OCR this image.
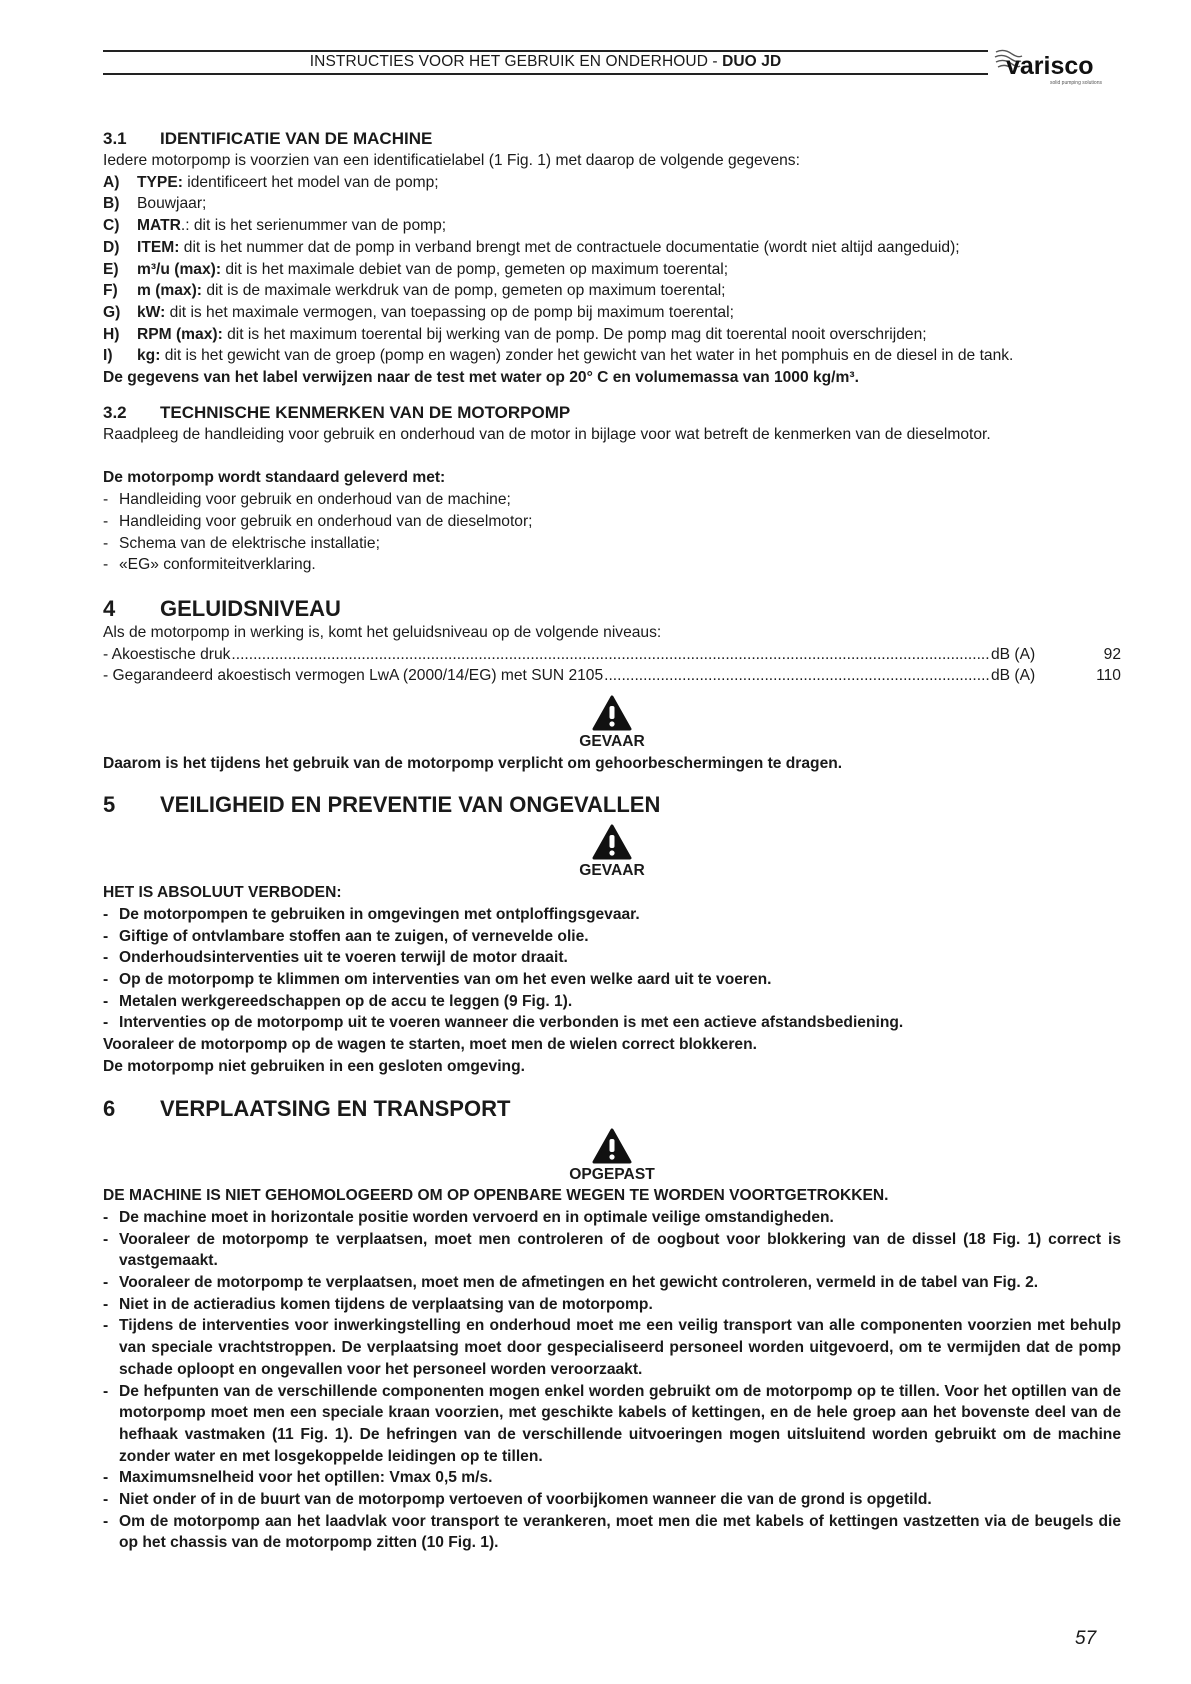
INSTRUCTIES VOOR HET GEBRUIK EN ONDERHOUD - DUO JD	varisco
solid pumping solutions
3.1 IDENTIFICATIE VAN DE MACHINE

Iedere motorpomp is voorzien van een identificatielabel (1 Fig. 1) met daarop de volgende gegevens:

A)	TYPE: identificeert het model van de pomp;
B)	Bouwjaar;
C)	MATR.: dit is het serienummer van de pomp;
D)	ITEM: dit is het nummer dat de pomp in verband brengt met de contractuele documentatie (wordt niet altijd aangeduid);
E)	m³/u (max): dit is het maximale debiet van de pomp, gemeten op maximum toerental;
F)	m (max): dit is de maximale werkdruk van de pomp, gemeten op maximum toerental;
G)	kW: dit is het maximale vermogen, van toepassing op de pomp bij maximum toerental;
H)	RPM (max): dit is het maximum toerental bij werking van de pomp. De pomp mag dit toerental nooit overschrijden;
I)	kg: dit is het gewicht van de groep (pomp en wagen) zonder het gewicht van het water in het pomphuis en de diesel in de tank.

De gegevens van het label verwijzen naar de test met water op 20° C en volumemassa van 1000 kg/m³.

3.2 TECHNISCHE KENMERKEN VAN DE MOTORPOMP

Raadpleeg de handleiding voor gebruik en onderhoud van de motor in bijlage voor wat betreft de kenmerken van de dieselmotor.

De motorpomp wordt standaard geleverd met:

- Handleiding voor gebruik en onderhoud van de machine;
- Handleiding voor gebruik en onderhoud van de dieselmotor;
- Schema van de elektrische installatie;
- «EG» conformiteitverklaring.
4 GELUIDSNIVEAU

Als de motorpomp in werking is, komt het geluidsniveau op de volgende niveaus:

- Akoestische druk .....	dB (A)	92
- Gegarandeerd akoestisch vermogen LwA (2000/14/EG) met SUN 2105 .....	dB (A)	110
GEVAAR

Daarom is het tijdens het gebruik van de motorpomp verplicht om gehoorbeschermingen te dragen.

5 VEILIGHEID EN PREVENTIE VAN ONGEVALLEN
GEVAAR

HET IS ABSOLUUT VERBODEN:

- De motorpompen te gebruiken in omgevingen met ontploffingsgevaar.
- Giftige of ontvlambare stoffen aan te zuigen, of vernevelde olie.
- Onderhoudsinterventies uit te voeren terwijl de motor draait.
- Op de motorpomp te klimmen om interventies van om het even welke aard uit te voeren.
- Metalen werkgereedschappen op de accu te leggen (9 Fig. 1).
- Interventies op de motorpomp uit te voeren wanneer die verbonden is met een actieve afstandsbediening.

Vooraleer de motorpomp op de wagen te starten, moet men de wielen correct blokkeren.

De motorpomp niet gebruiken in een gesloten omgeving.

6 VERPLAATSING EN TRANSPORT
OPGEPAST

DE MACHINE IS NIET GEHOMOLOGEERD OM OP OPENBARE WEGEN TE WORDEN VOORTGETROKKEN.

- De machine moet in horizontale positie worden vervoerd en in optimale veilige omstandigheden.
- Vooraleer de motorpomp te verplaatsen, moet men controleren of de oogbout voor blokkering van de dissel (18 Fig. 1) correct is vastgemaakt.
- Vooraleer de motorpomp te verplaatsen, moet men de afmetingen en het gewicht controleren, vermeld in de tabel van Fig. 2.
- Niet in de actieradius komen tijdens de verplaatsing van de motorpomp.
- Tijdens de interventies voor inwerkingstelling en onderhoud moet me een veilig transport van alle componenten voorzien met behulp van speciale vrachtstroppen. De verplaatsing moet door gespecialiseerd personeel worden uitgevoerd, om te vermijden dat de pomp schade oploopt en ongevallen voor het personeel worden veroorzaakt.
- De hefpunten van de verschillende componenten mogen enkel worden gebruikt om de motorpomp op te tillen. Voor het optillen van de motorpomp moet men een speciale kraan voorzien, met geschikte kabels of kettingen, en de hele groep aan het bovenste deel van de hefhaak vastmaken (11 Fig. 1). De hefringen van de verschillende uitvoeringen mogen uitsluitend worden gebruikt om de machine zonder water en met losgekoppelde leidingen op te tillen.
- Maximumsnelheid voor het optillen: Vmax 0,5 m/s.
- Niet onder of in de buurt van de motorpomp vertoeven of voorbijkomen wanneer die van de grond is opgetild.
- Om de motorpomp aan het laadvlak voor transport te verankeren, moet men die met kabels of kettingen vastzetten via de beugels die op het chassis van de motorpomp zitten (10 Fig. 1).
57
